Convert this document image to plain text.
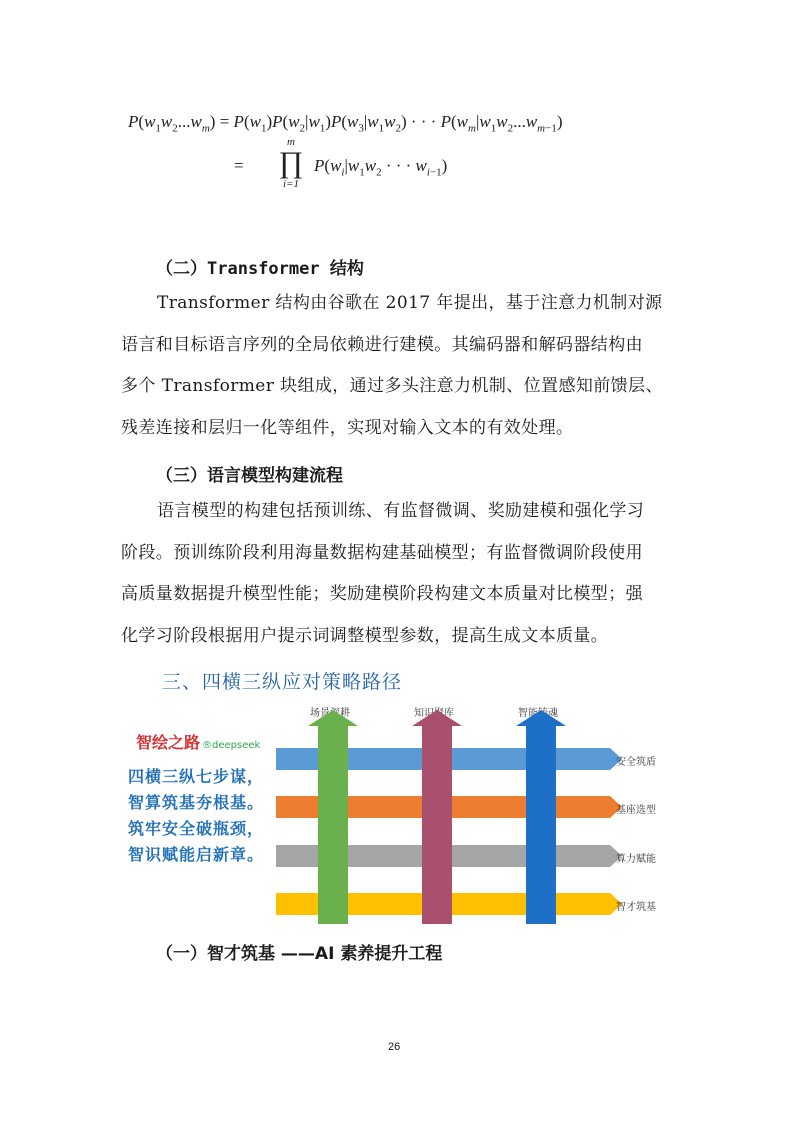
$P(w_1w_2...w_m) = P(w_1)P(w_2|w_1)P(w_3|w_1w_2)$ · · · $P(w_m|w_1w_2...w_{m-1})$
=
m
∏
i=1
$P(w_i|w_1w_2$ · · · $w_{i-1}$)
（二）Transformer 结构
Transformer 结构由谷歌在 2017 年提出，基于注意力机制对源
语言和目标语言序列的全局依赖进行建模。其编码器和解码器结构由
多个 Transformer 块组成，通过多头注意力机制、位置感知前馈层、
残差连接和层归一化等组件，实现对输入文本的有效处理。
（三）语言模型构建流程
语言模型的构建包括预训练、有监督微调、奖励建模和强化学习
阶段。预训练阶段利用海量数据构建基础模型；有监督微调阶段使用
高质量数据提升模型性能；奖励建模阶段构建文本质量对比模型；强
化学习阶段根据用户提示词调整模型参数，提高生成文本质量。
三、四横三纵应对策略路径
智绘之路 ®deepseek
四横三纵七步谋，
智算筑基夯根基。
筑牢安全破瓶颈，
智识赋能启新章。
安全筑盾
基座选型
算力赋能
智才筑基
场景深耕	知识聚库	智能铸魂
（一）智才筑基 ——AI 素养提升工程
26
